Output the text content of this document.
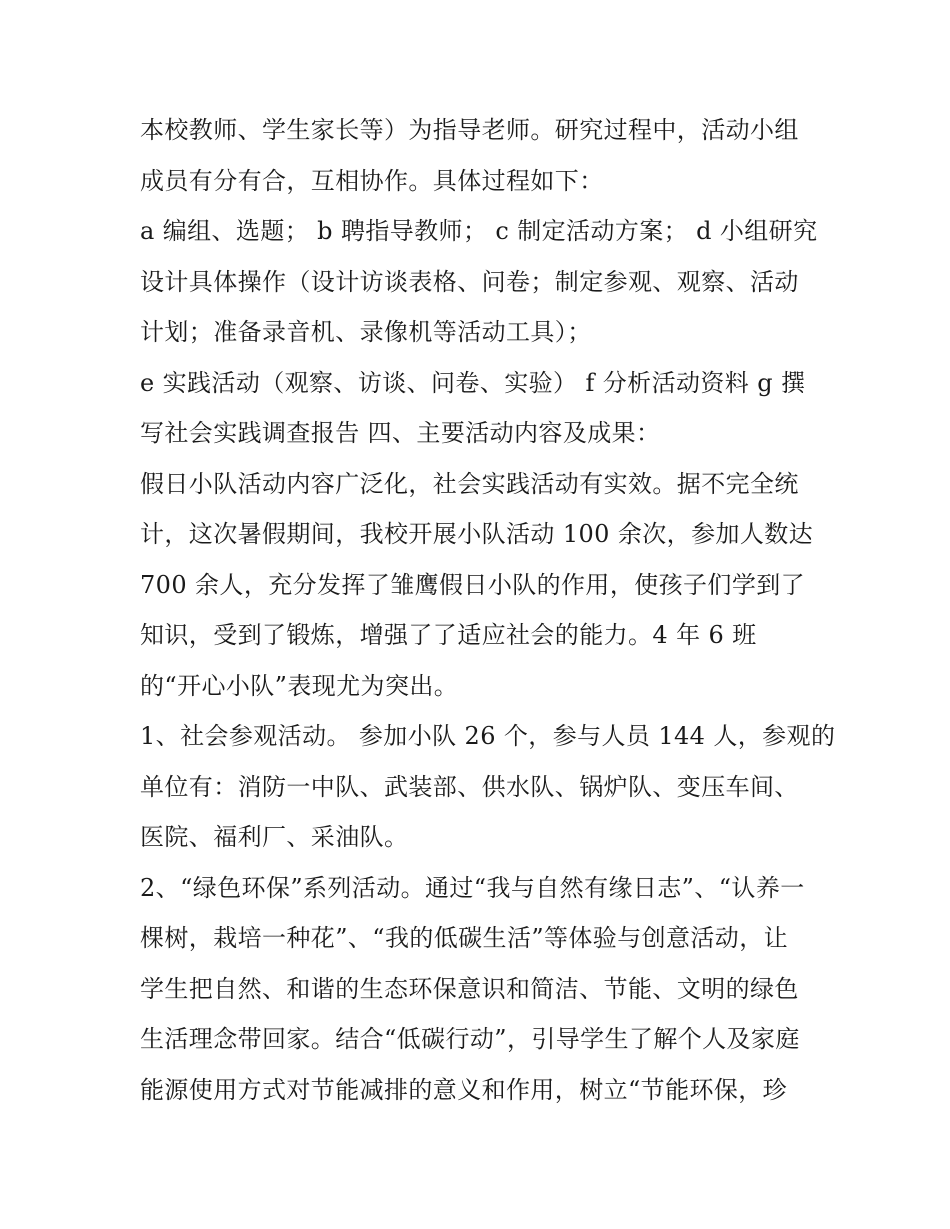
本校教师、学生家长等）为指导老师。研究过程中，活动小组

成员有分有合，互相协作。具体过程如下：

a 编组、选题； b 聘指导教师； c 制定活动方案； d 小组研究

设计具体操作（设计访谈表格、问卷；制定参观、观察、活动

计划；准备录音机、录像机等活动工具）；

e 实践活动（观察、访谈、问卷、实验） f 分析活动资料 g 撰

写社会实践调查报告 四、主要活动内容及成果：

假日小队活动内容广泛化，社会实践活动有实效。据不完全统

计，这次暑假期间，我校开展小队活动 100 余次，参加人数达

700 余人，充分发挥了雏鹰假日小队的作用，使孩子们学到了

知识，受到了锻炼，增强了了适应社会的能力。4 年 6 班

的“开心小队”表现尤为突出。

1、社会参观活动。 参加小队 26 个，参与人员 144 人，参观的

单位有：消防一中队、武装部、供水队、锅炉队、变压车间、

医院、福利厂、采油队。

2、“绿色环保”系列活动。通过“我与自然有缘日志”、“认养一

棵树，栽培一种花”、“我的低碳生活”等体验与创意活动，让

学生把自然、和谐的生态环保意识和简洁、节能、文明的绿色

生活理念带回家。结合“低碳行动”，引导学生了解个人及家庭

能源使用方式对节能减排的意义和作用，树立“节能环保，珍
